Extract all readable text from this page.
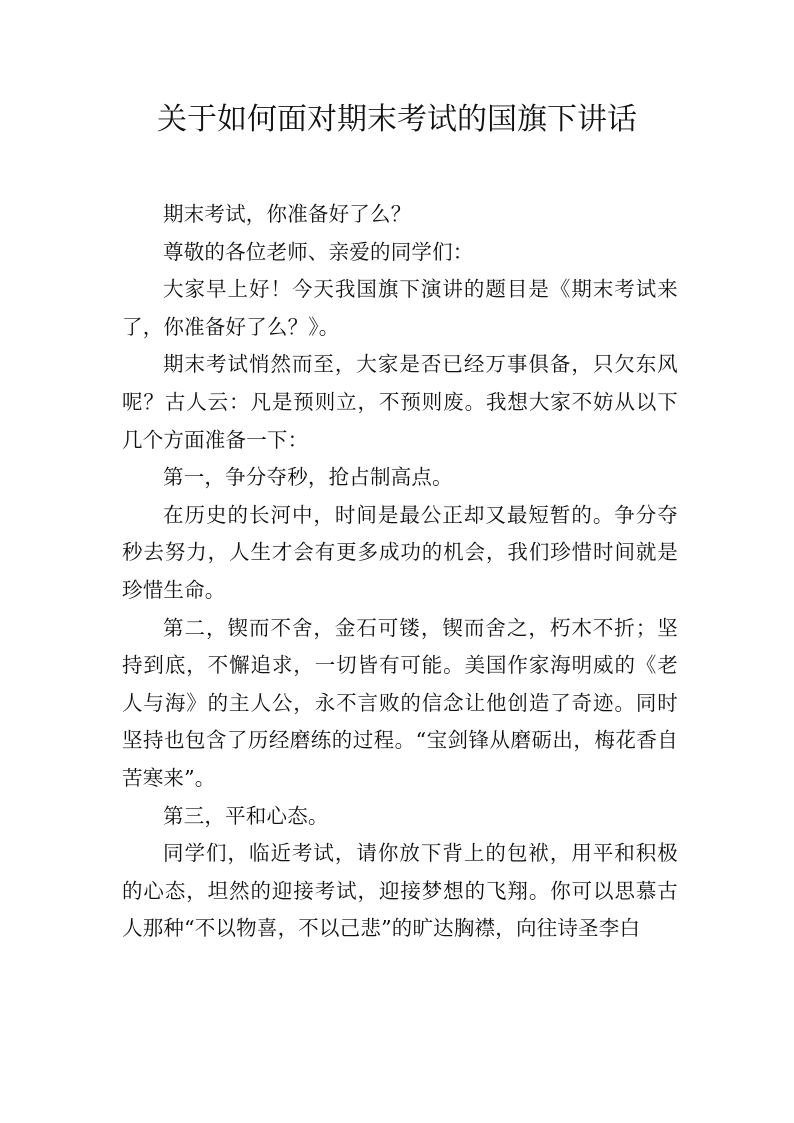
关于如何面对期末考试的国旗下讲话

期末考试，你准备好了么？

尊敬的各位老师、亲爱的同学们：

大家早上好！今天我国旗下演讲的题目是《期末考试来了，你准备好了么？》。

期末考试悄然而至，大家是否已经万事俱备，只欠东风呢？古人云：凡是预则立，不预则废。我想大家不妨从以下几个方面准备一下：

第一，争分夺秒，抢占制高点。

在历史的长河中，时间是最公正却又最短暂的。争分夺秒去努力，人生才会有更多成功的机会，我们珍惜时间就是珍惜生命。

第二，锲而不舍，金石可镂，锲而舍之，朽木不折；坚持到底，不懈追求，一切皆有可能。美国作家海明威的《老人与海》的主人公，永不言败的信念让他创造了奇迹。同时坚持也包含了历经磨练的过程。“宝剑锋从磨砺出，梅花香自苦寒来”。

第三，平和心态。

同学们，临近考试，请你放下背上的包袱，用平和积极的心态，坦然的迎接考试，迎接梦想的飞翔。你可以思慕古人那种“不以物喜，不以己悲”的旷达胸襟，向往诗圣李白
